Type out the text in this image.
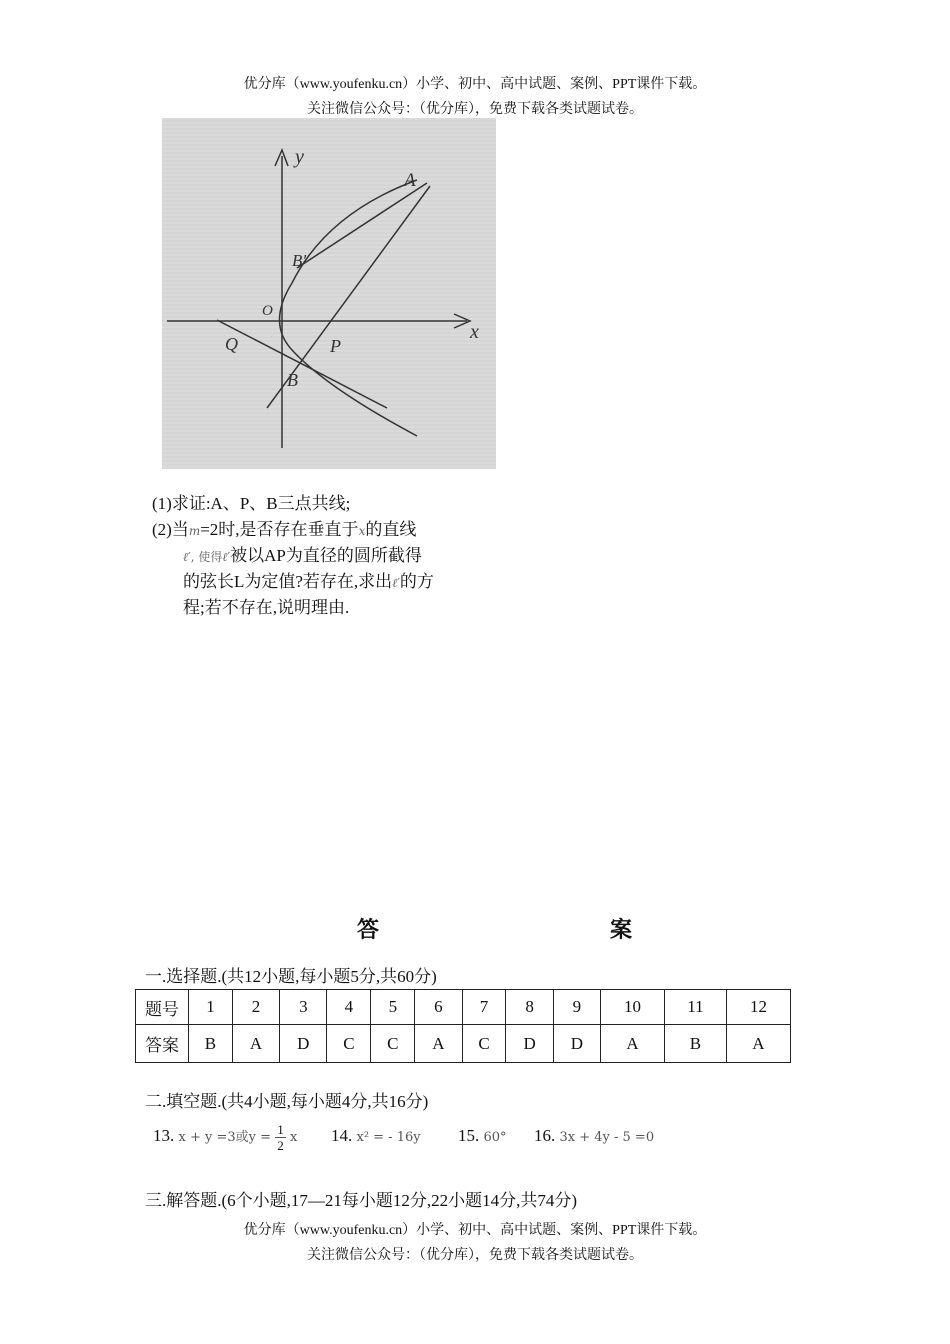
优分库（www.youfenku.cn）小学、初中、高中试题、案例、PPT课件下载。
关注微信公众号：（优分库），免费下载各类试题试卷。
y
x
A
B'
O
Q	P
B
(1)求证:A、P、B三点共线;
(2)当m=2时,是否存在垂直于x的直线
ℓ′, 使得ℓ′被以AP为直径的圆所截得
的弦长L为定值?若存在,求出ℓ′的方
程;若不存在,说明理由.
答	案
一.选择题.(共12小题,每小题5分,共60分)
题号	1	2	3	4	5	6	7	8	9	10	11	12
答案	B	A	D	C	C	A	C	D	D	A	B	A
二.填空题.(共4小题,每小题4分,共16分)
13. x + y =3或$y = \frac{1}{2}$ x 14. x² = - 16y 15. 60° 16. 3x + 4y - 5 =0
三.解答题.(6个小题,17—21每小题12分,22小题14分,共74分)
优分库（www.youfenku.cn）小学、初中、高中试题、案例、PPT课件下载。
关注微信公众号：（优分库），免费下载各类试题试卷。
